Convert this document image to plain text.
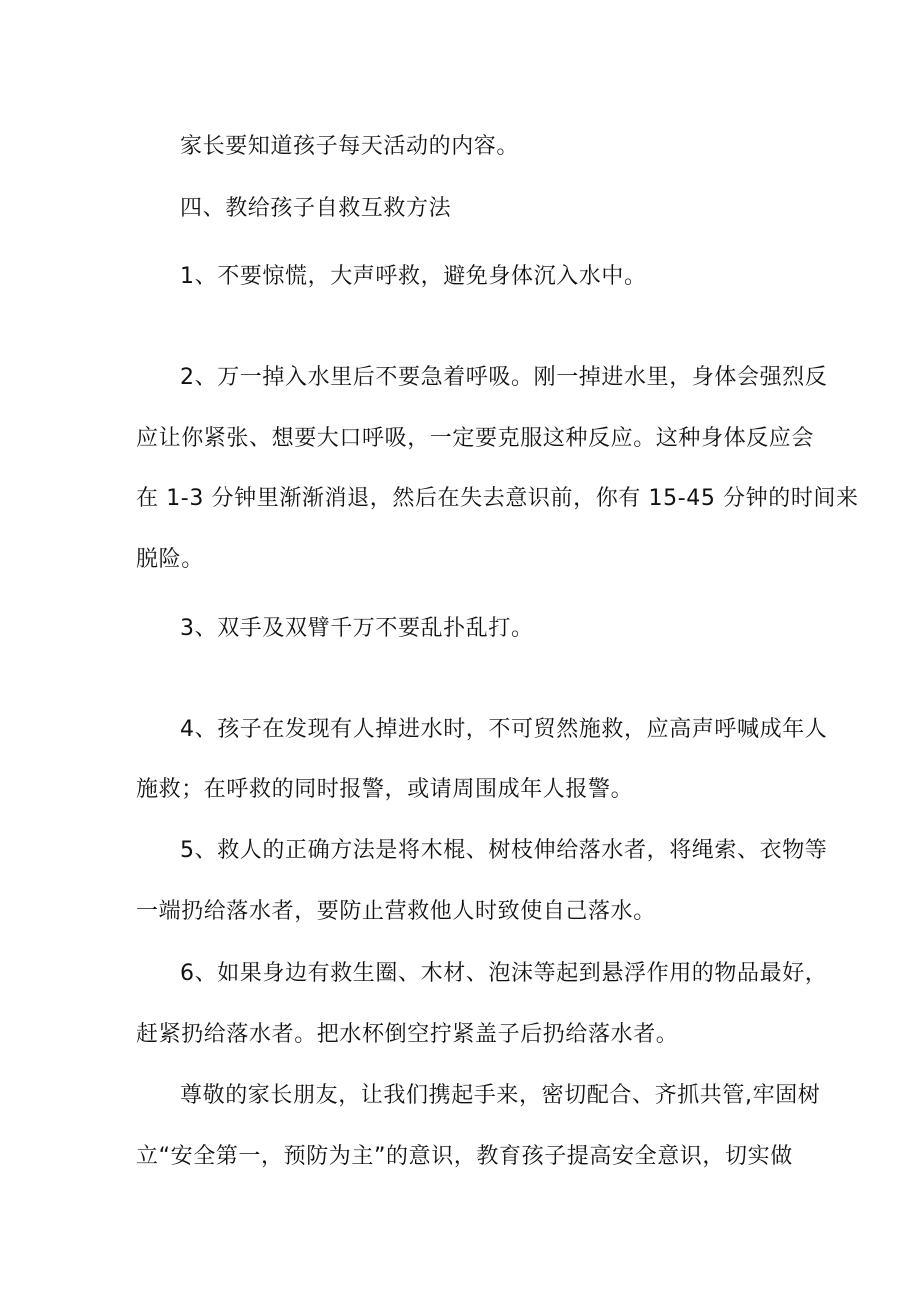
家长要知道孩子每天活动的内容。
四、教给孩子自救互救方法
1、不要惊慌，大声呼救，避免身体沉入水中。
2、万一掉入水里后不要急着呼吸。刚一掉进水里，身体会强烈反
应让你紧张、想要大口呼吸，一定要克服这种反应。这种身体反应会
在 1-3 分钟里渐渐消退，然后在失去意识前，你有 15-45 分钟的时间来
脱险。
3、双手及双臂千万不要乱扑乱打。
4、孩子在发现有人掉进水时，不可贸然施救，应高声呼喊成年人
施救；在呼救的同时报警，或请周围成年人报警。
5、救人的正确方法是将木棍、树枝伸给落水者，将绳索、衣物等
一端扔给落水者，要防止营救他人时致使自己落水。
6、如果身边有救生圈、木材、泡沫等起到悬浮作用的物品最好，
赶紧扔给落水者。把水杯倒空拧紧盖子后扔给落水者。
尊敬的家长朋友，让我们携起手来，密切配合、齐抓共管,牢固树
立“安全第一，预防为主”的意识，教育孩子提高安全意识，切实做
